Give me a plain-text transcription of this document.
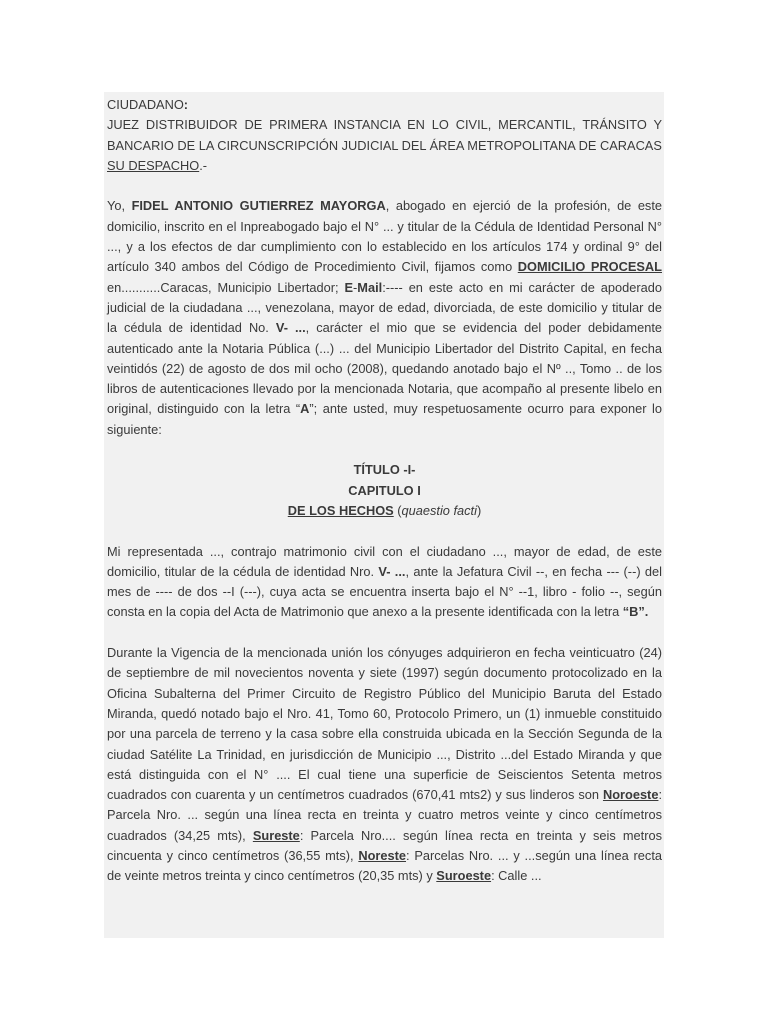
CIUDADANO:

JUEZ DISTRIBUIDOR DE PRIMERA INSTANCIA EN LO CIVIL, MERCANTIL, TRÁNSITO Y BANCARIO DE LA CIRCUNSCRIPCIÓN JUDICIAL DEL ÁREA METROPOLITANA DE CARACAS

SU DESPACHO.-

Yo, FIDEL ANTONIO GUTIERREZ MAYORGA, abogado en ejerció de la profesión, de este domicilio, inscrito en el Inpreabogado bajo el N° ... y titular de la Cédula de Identidad Personal N° ..., y a los efectos de dar cumplimiento con lo establecido en los artículos 174 y ordinal 9° del artículo 340 ambos del Código de Procedimiento Civil, fijamos como DOMICILIO PROCESAL en...........Caracas, Municipio Libertador; E-Mail:---- en este acto en mi carácter de apoderado judicial de la ciudadana ..., venezolana, mayor de edad, divorciada, de este domicilio y titular de la cédula de identidad No. V- ..., carácter el mio que se evidencia del poder debidamente autenticado ante la Notaria Pública (...) ... del Municipio Libertador del Distrito Capital, en fecha veintidós (22) de agosto de dos mil ocho (2008), quedando anotado bajo el Nº .., Tomo .. de los libros de autenticaciones llevado por la mencionada Notaria, que acompaño al presente libelo en original, distinguido con la letra “A”; ante usted, muy respetuosamente ocurro para exponer lo siguiente:

TÍTULO -I-

CAPITULO I

DE LOS HECHOS (quaestio facti)

Mi representada ..., contrajo matrimonio civil con el ciudadano ..., mayor de edad, de este domicilio, titular de la cédula de identidad Nro. V- ..., ante la Jefatura Civil --, en fecha --- (--) del mes de ---- de dos --I (---), cuya acta se encuentra inserta bajo el N° --1, libro - folio --, según consta en la copia del Acta de Matrimonio que anexo a la presente identificada con la letra “B”.

Durante la Vigencia de la mencionada unión los cónyuges adquirieron en fecha veinticuatro (24) de septiembre de mil novecientos noventa y siete (1997) según documento protocolizado en la Oficina Subalterna del Primer Circuito de Registro Público del Municipio Baruta del Estado Miranda, quedó notado bajo el Nro. 41, Tomo 60, Protocolo Primero, un (1) inmueble constituido por una parcela de terreno y la casa sobre ella construida ubicada en la Sección Segunda de la ciudad Satélite La Trinidad, en jurisdicción de Municipio ..., Distrito ...del Estado Miranda y que está distinguida con el N° .... El cual tiene una superficie de Seiscientos Setenta metros cuadrados con cuarenta y un centímetros cuadrados (670,41 mts2) y sus linderos son Noroeste: Parcela Nro. ... según una línea recta en treinta y cuatro metros veinte y cinco centímetros cuadrados (34,25 mts), Sureste: Parcela Nro.... según línea recta en treinta y seis metros cincuenta y cinco centímetros (36,55 mts), Noreste: Parcelas Nro. ... y ...según una línea recta de veinte metros treinta y cinco centímetros (20,35 mts) y Suroeste: Calle ...
